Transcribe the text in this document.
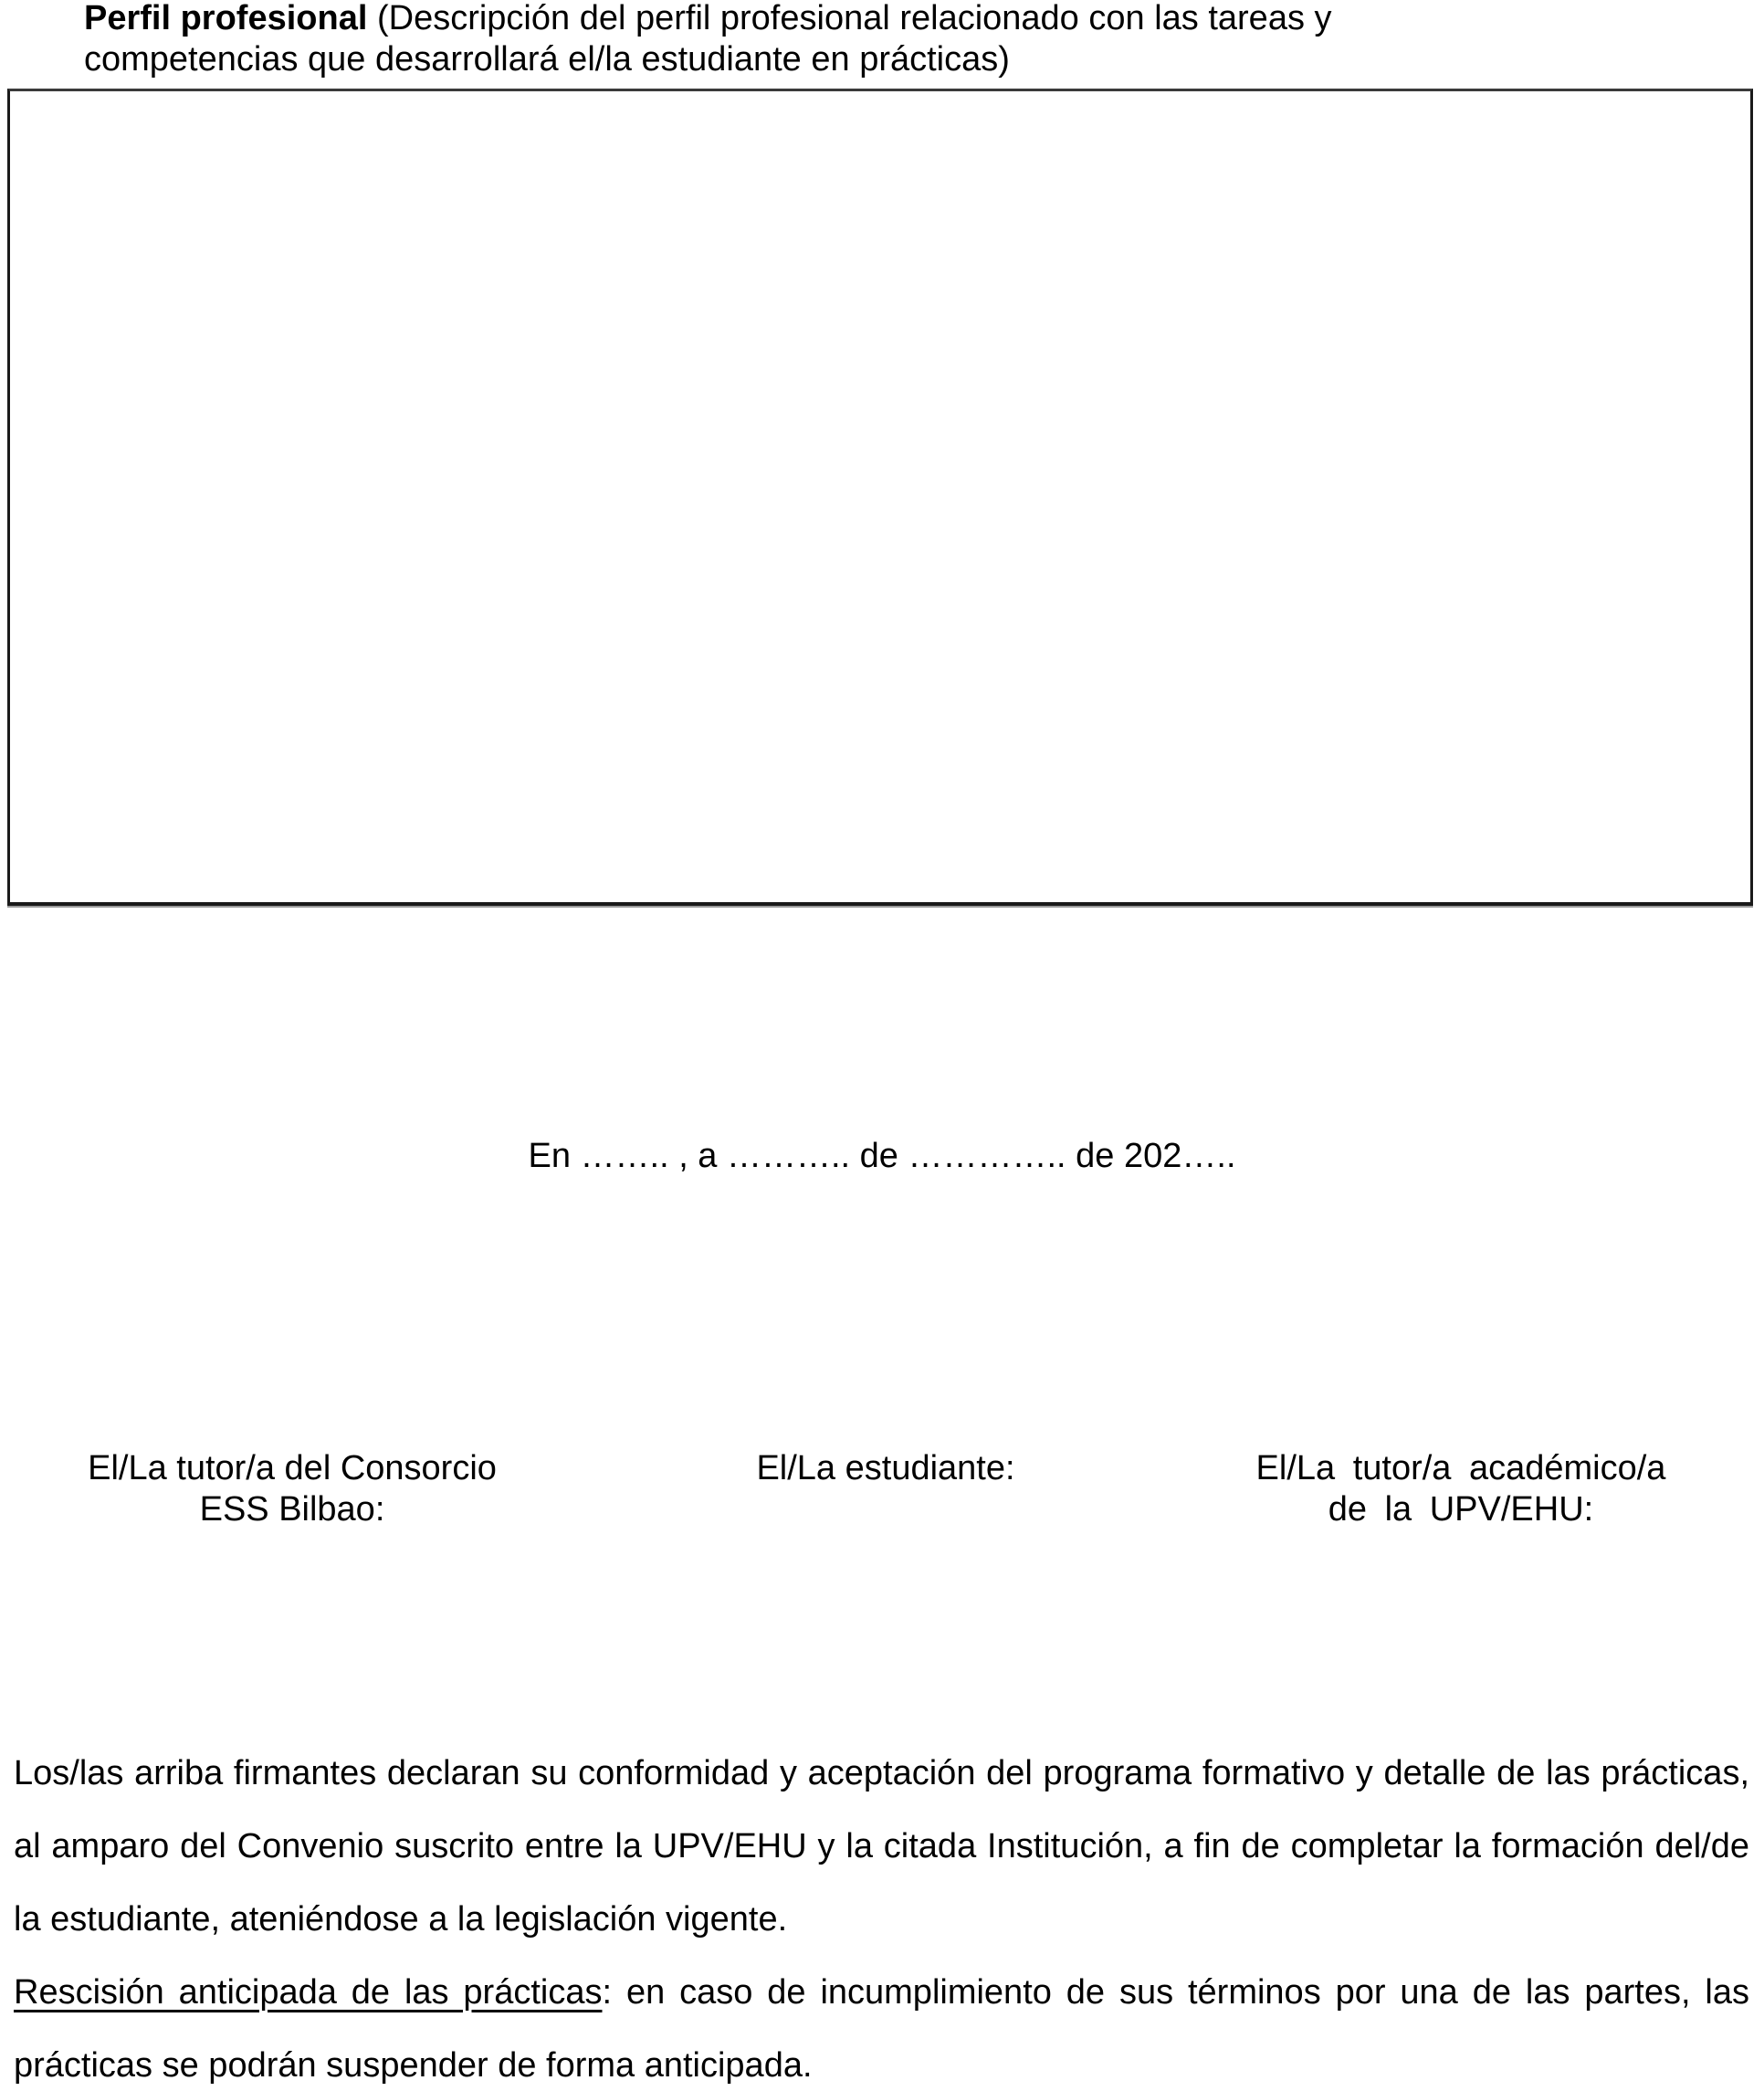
Perfil profesional (Descripción del perfil profesional relacionado con las tareas y competencias que desarrollará el/la estudiante en prácticas)
En …….. , a ……….. de ………….. de 202…..
El/La tutor/a del Consorcio
ESS Bilbao:
El/La estudiante:	El/La tutor/a académico/a
de la UPV/EHU:

Los/las arriba firmantes declaran su conformidad y aceptación del programa formativo y detalle de las prácticas, al amparo del Convenio suscrito entre la UPV/EHU y la citada Institución, a fin de completar la formación del/de la estudiante, ateniéndose a la legislación vigente.

Rescisión anticipada de las prácticas: en caso de incumplimiento de sus términos por una de las partes, las prácticas se podrán suspender de forma anticipada.
